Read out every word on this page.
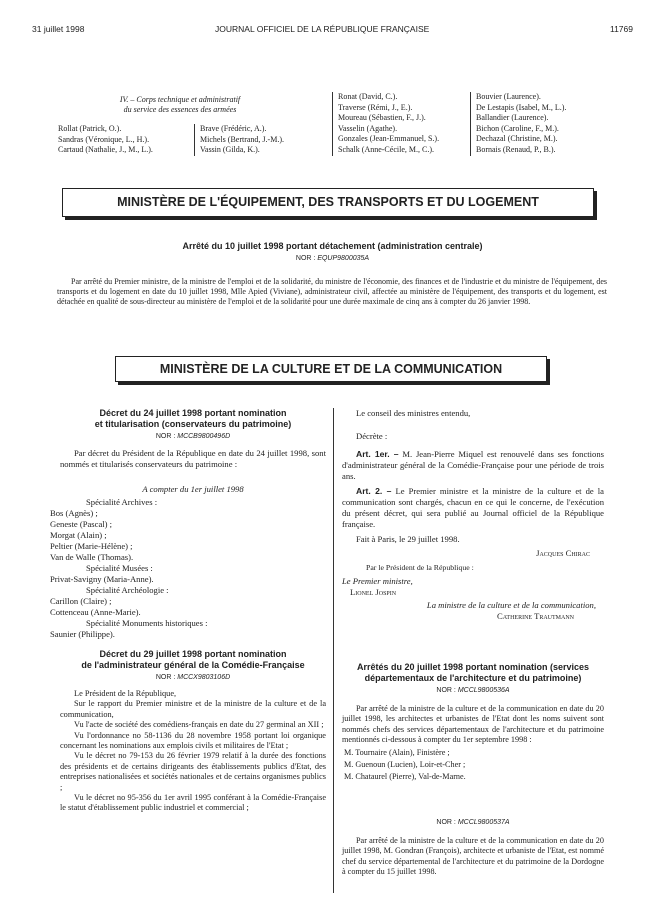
31 juillet 1998	JOURNAL OFFICIEL DE LA RÉPUBLIQUE FRANÇAISE	11769
IV. – Corps technique et administratif
du service des essences des armées
Rollat (Patrick, O.).
Sandras (Véronique, L., H.).
Cartaud (Nathalie, J., M., L.).
Brave (Frédéric, A.).
Michels (Bertrand, J.-M.).
Vassin (Gilda, K.).
Ronat (David, C.).
Traverse (Rémi, J., E.).
Moureau (Sébastien, F., J.).
Vasselin (Agathe).
Gonzales (Jean-Emmanuel, S.).
Schalk (Anne-Cécile, M., C.).
Bouvier (Laurence).
De Lestapis (Isabel, M., L.).
Ballandier (Laurence).
Bichon (Caroline, F., M.).
Dechazal (Christine, M.).
Bornais (Renaud, P., B.).
MINISTÈRE DE L'ÉQUIPEMENT, DES TRANSPORTS ET DU LOGEMENT
Arrêté du 10 juillet 1998 portant détachement (administration centrale)
NOR : EQUP9800035A
Par arrêté du Premier ministre, de la ministre de l'emploi et de la solidarité, du ministre de l'économie, des finances et de l'industrie et du ministre de l'équipement, des transports et du logement en date du 10 juillet 1998, Mlle Apied (Viviane), administrateur civil, affectée au ministère de l'équipement, des transports et du logement, est détachée en qualité de sous-directeur au ministère de l'emploi et de la solidarité pour une durée maximale de cinq ans à compter du 26 janvier 1998.
MINISTÈRE DE LA CULTURE ET DE LA COMMUNICATION
Décret du 24 juillet 1998 portant nomination
et titularisation (conservateurs du patrimoine)
NOR : MCCB9800496D

Par décret du Président de la République en date du 24 juillet 1998, sont nommés et titularisés conservateurs du patrimoine :

A compter du 1er juillet 1998

Spécialité Archives :

Bos (Agnès) ;
Geneste (Pascal) ;
Morgat (Alain) ;
Peltier (Marie-Hélène) ;
Van de Walle (Thomas).

Spécialité Musées :

Privat-Savigny (Maria-Anne).

Spécialité Archéologie :

Carillon (Claire) ;
Cottenceau (Anne-Marie).

Spécialité Monuments historiques :

Saunier (Philippe).
Décret du 29 juillet 1998 portant nomination
de l'administrateur général de la Comédie-Française
NOR : MCCX9803106D

Le Président de la République,

Sur le rapport du Premier ministre et de la ministre de la culture et de la communication,

Vu l'acte de société des comédiens-français en date du 27 germinal an XII ;

Vu l'ordonnance no 58-1136 du 28 novembre 1958 portant loi organique concernant les nominations aux emplois civils et militaires de l'Etat ;

Vu le décret no 79-153 du 26 février 1979 relatif à la durée des fonctions des présidents et de certains dirigeants des établissements publics d'Etat, des entreprises nationalisées et sociétés nationales et de certains organismes publics ;

Vu le décret no 95-356 du 1er avril 1995 conférant à la Comédie-Française le statut d'établissement public industriel et commercial ;

Le conseil des ministres entendu,

Décrète :

Art. 1er. – M. Jean-Pierre Miquel est renouvelé dans ses fonctions d'administrateur général de la Comédie-Française pour une période de trois ans.

Art. 2. – Le Premier ministre et la ministre de la culture et de la communication sont chargés, chacun en ce qui le concerne, de l'exécution du présent décret, qui sera publié au Journal officiel de la République française.

Fait à Paris, le 29 juillet 1998.

Jacques Chirac

Par le Président de la République :

Le Premier ministre,

Lionel Jospin

La ministre de la culture et de la communication,

Catherine Trautmann

Arrêtés du 20 juillet 1998 portant nomination (services
départementaux de l'architecture et du patrimoine)
NOR : MCCL9800536A

Par arrêté de la ministre de la culture et de la communication en date du 20 juillet 1998, les architectes et urbanistes de l'Etat dont les noms suivent sont nommés chefs des services départementaux de l'architecture et du patrimoine mentionnés ci-dessous à compter du 1er septembre 1998 :

M. Tournaire (Alain), Finistère ;
M. Guenoun (Lucien), Loir-et-Cher ;
M. Chataurel (Pierre), Val-de-Marne.
NOR : MCCL9800537A

Par arrêté de la ministre de la culture et de la communication en date du 20 juillet 1998, M. Gondran (François), architecte et urbaniste de l'Etat, est nommé chef du service départemental de l'architecture et du patrimoine de la Dordogne à compter du 15 juillet 1998.
